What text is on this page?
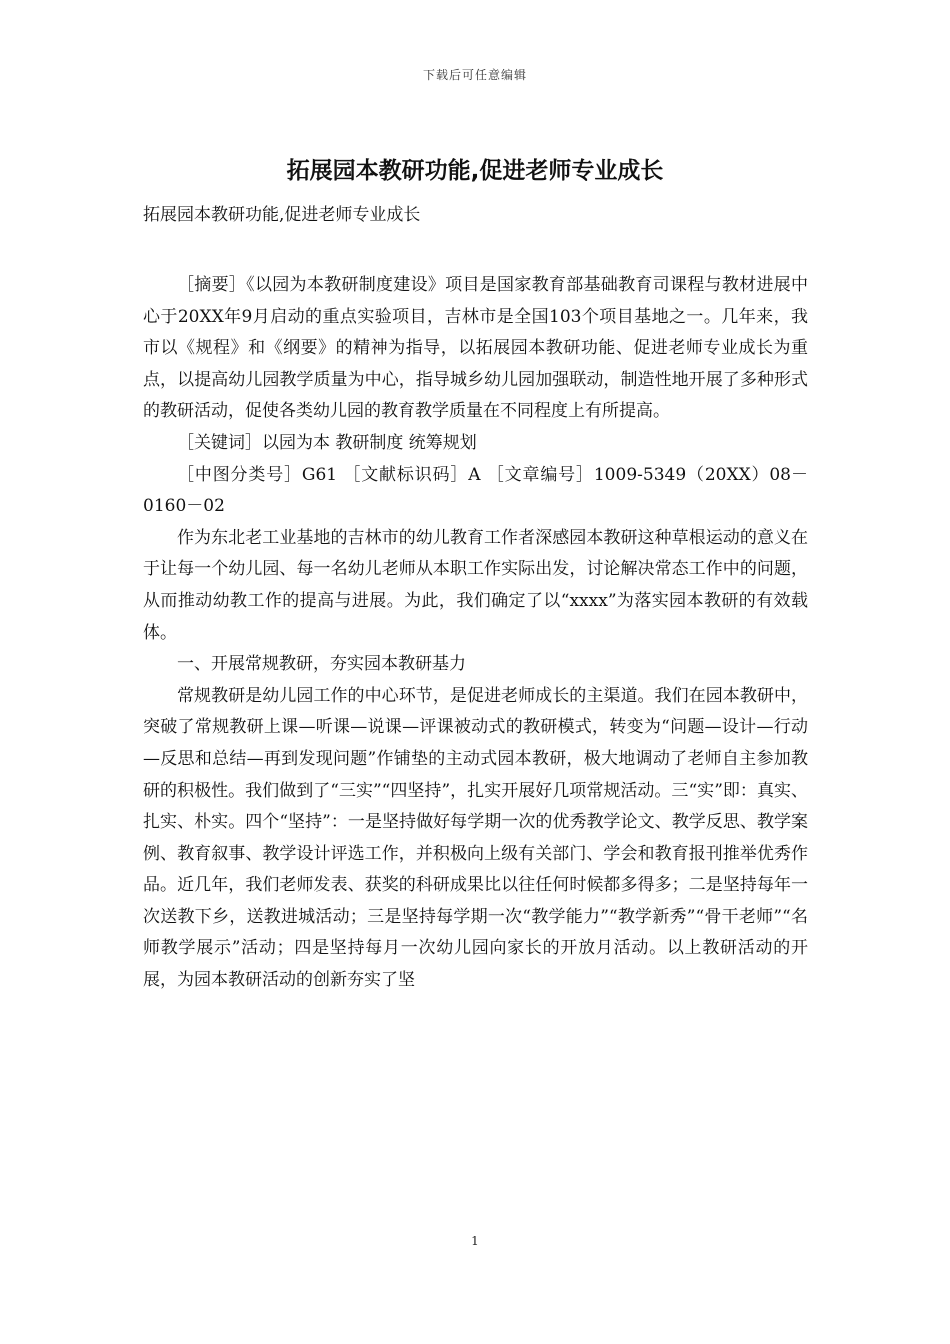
下载后可任意编辑
拓展园本教研功能,促进老师专业成长
拓展园本教研功能,促进老师专业成长

［摘要］《以园为本教研制度建设》项目是国家教育部基础教育司课程与教材进展中心于20XX年9月启动的重点实验项目，吉林市是全国103个项目基地之一。几年来，我市以《规程》和《纲要》的精神为指导，以拓展园本教研功能、促进老师专业成长为重点，以提高幼儿园教学质量为中心，指导城乡幼儿园加强联动，制造性地开展了多种形式的教研活动，促使各类幼儿园的教育教学质量在不同程度上有所提高。

［关键词］以园为本 教研制度 统筹规划

［中图分类号］G61 ［文献标识码］A ［文章编号］1009-5349（20XX）08－0160－02

作为东北老工业基地的吉林市的幼儿教育工作者深感园本教研这种草根运动的意义在于让每一个幼儿园、每一名幼儿老师从本职工作实际出发，讨论解决常态工作中的问题，从而推动幼教工作的提高与进展。为此，我们确定了以“xxxx”为落实园本教研的有效载体。

一、开展常规教研，夯实园本教研基力

常规教研是幼儿园工作的中心环节，是促进老师成长的主渠道。我们在园本教研中，突破了常规教研上课—听课—说课—评课被动式的教研模式，转变为“问题—设计—行动—反思和总结—再到发现问题”作铺垫的主动式园本教研，极大地调动了老师自主参加教研的积极性。我们做到了“三实”“四坚持”，扎实开展好几项常规活动。三“实”即：真实、扎实、朴实。四个“坚持”：一是坚持做好每学期一次的优秀教学论文、教学反思、教学案例、教育叙事、教学设计评选工作，并积极向上级有关部门、学会和教育报刊推举优秀作品。近几年，我们老师发表、获奖的科研成果比以往任何时候都多得多；二是坚持每年一次送教下乡，送教进城活动；三是坚持每学期一次“教学能力”“教学新秀”“骨干老师”“名师教学展示”活动；四是坚持每月一次幼儿园向家长的开放月活动。以上教研活动的开展，为园本教研活动的创新夯实了坚

1
